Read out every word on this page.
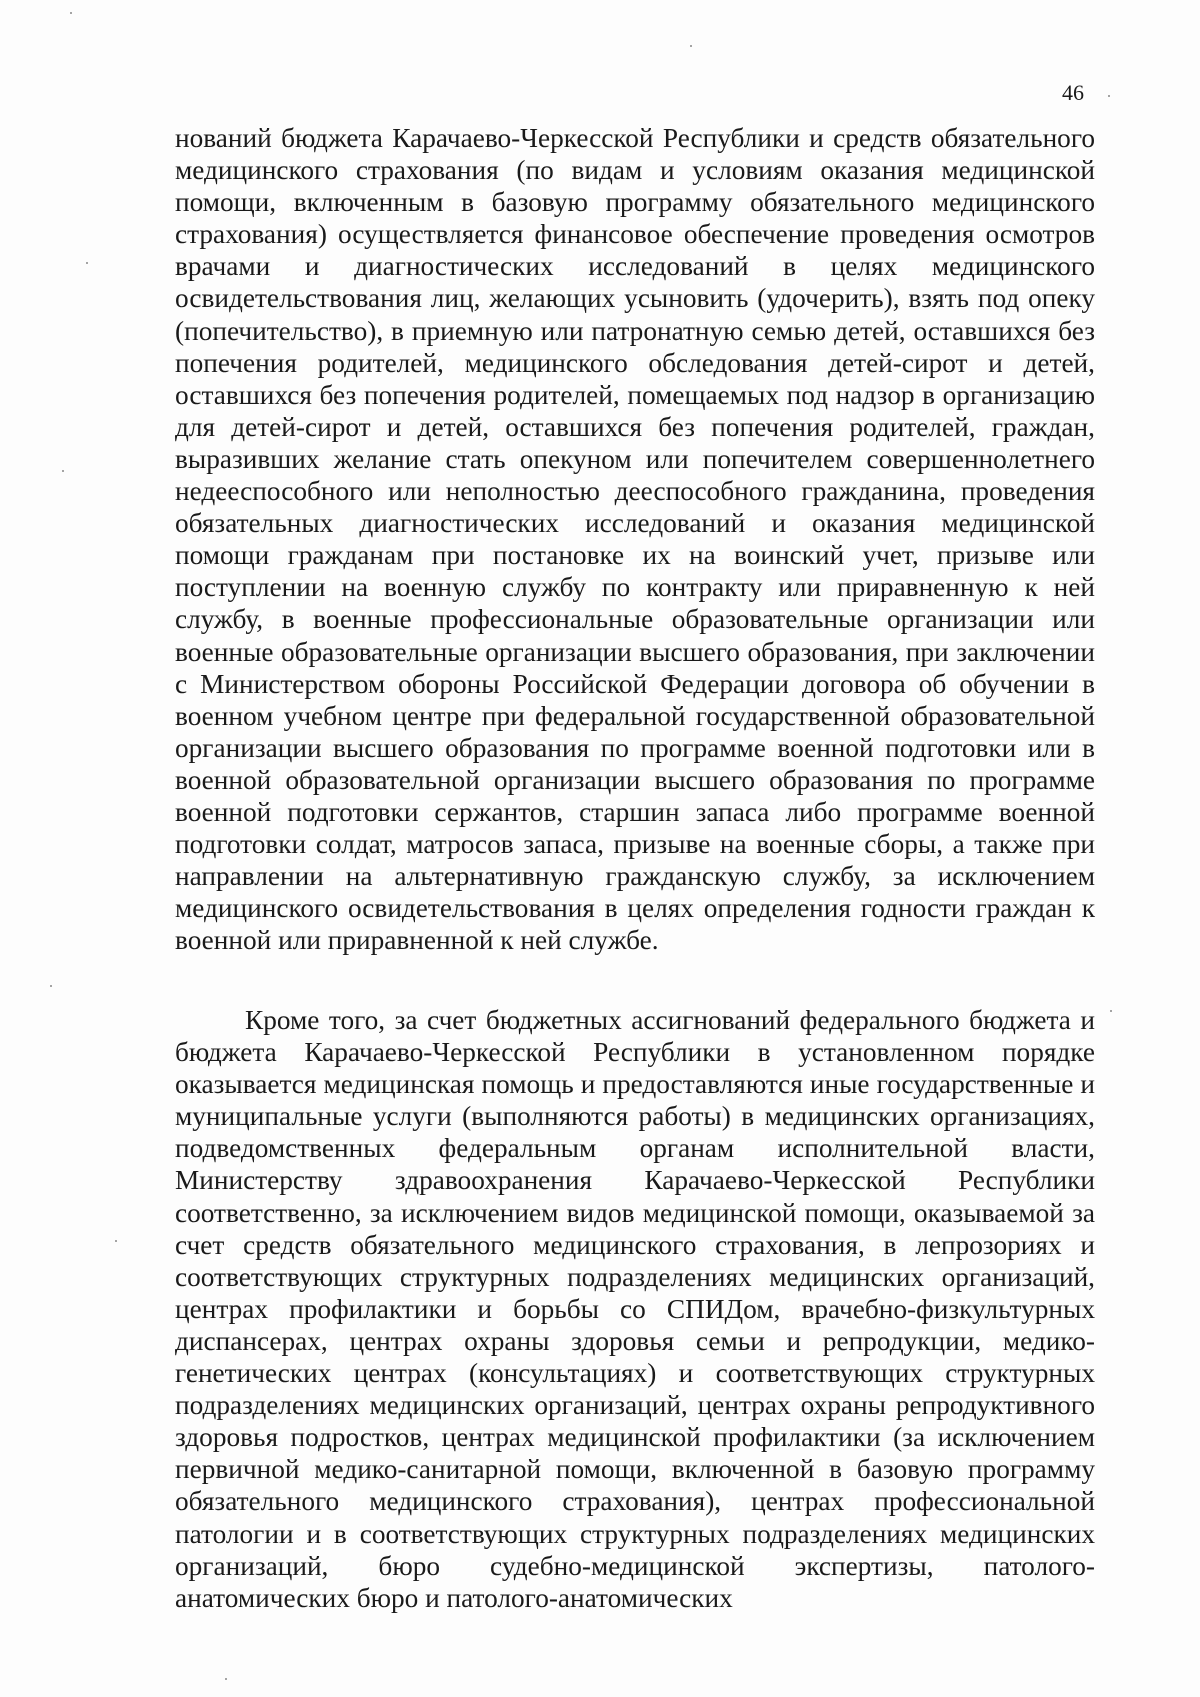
46

нований бюджета Карачаево-Черкесской Республики и средств обязательного медицинского страхования (по видам и условиям оказания медицинской помощи, включенным в базовую программу обязательного медицинского страхования) осуществляется финансовое обеспечение проведения осмотров врачами и диагностических исследований в целях медицинского освидетельствования лиц, желающих усыновить (удочерить), взять под опеку (попечительство), в приемную или патронатную семью детей, оставшихся без попечения родителей, медицинского обследования детей-сирот и детей, оставшихся без попечения родителей, помещаемых под надзор в организацию для детей-сирот и детей, оставшихся без попечения родителей, граждан, выразивших желание стать опекуном или попечителем совершеннолетнего недееспособного или неполностью дееспособного гражданина, проведения обязательных диагностических исследований и оказания медицинской помощи гражданам при постановке их на воинский учет, призыве или поступлении на военную службу по контракту или приравненную к ней службу, в военные профессиональные образовательные организации или военные образовательные организации высшего образования, при заключении с Министерством обороны Российской Федерации договора об обучении в военном учебном центре при федеральной государственной образовательной организации высшего образования по программе военной подготовки или в военной образовательной организации высшего образования по программе военной подготовки сержантов, старшин запаса либо программе военной подготовки солдат, матросов запаса, призыве на военные сборы, а также при направлении на альтернативную гражданскую службу, за исключением медицинского освидетельствования в целях определения годности граждан к военной или приравненной к ней службе.

Кроме того, за счет бюджетных ассигнований федерального бюджета и бюджета Карачаево-Черкесской Республики в установленном порядке оказывается медицинская помощь и предоставляются иные государственные и муниципальные услуги (выполняются работы) в медицинских организациях, подведомственных федеральным органам исполнительной власти, Министерству здравоохранения Карачаево-Черкесской Республики соответственно, за исключением видов медицинской помощи, оказываемой за счет средств обязательного медицинского страхования, в лепрозориях и соответствующих структурных подразделениях медицинских организаций, центрах профилактики и борьбы со СПИДом, врачебно-физкультурных диспансерах, центрах охраны здоровья семьи и репродукции, медикогенетических центрах (консультациях) и соответствующих структурных подразделениях медицинских организаций, центрах охраны репродуктивного здоровья подростков, центрах медицинской профилактики (за исключением первичной медико-санитарной помощи, включенной в базовую программу обязательного медицинского страхования), центрах профессиональной патологии и в соответствующих структурных подразделениях медицинских организаций, бюро судебно-медицинской экспертизы, патолого-анатомических бюро и патолого-анатомических
